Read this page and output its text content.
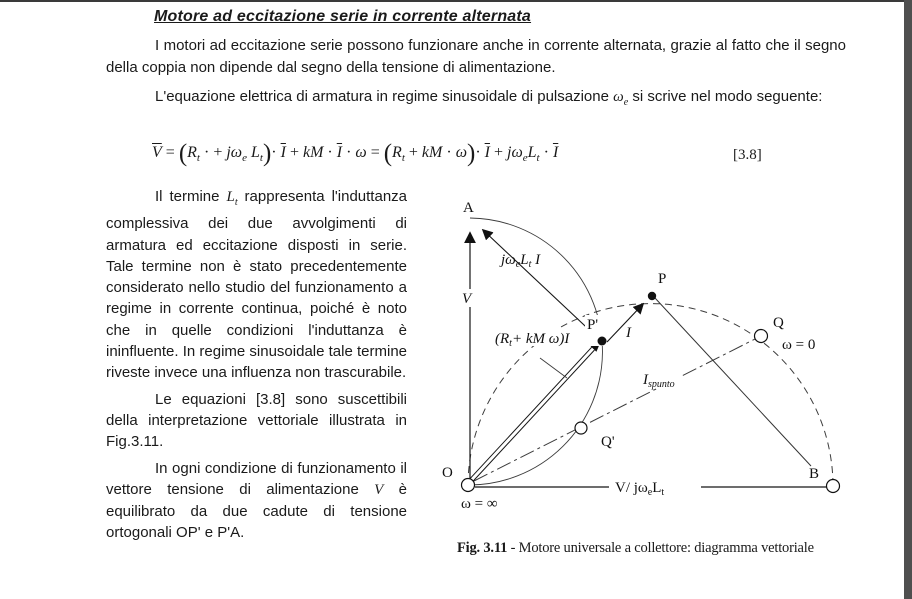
Motore ad eccitazione serie in corrente alternata
I motori ad eccitazione serie possono funzionare anche in corrente alternata, grazie al fatto che il segno della coppia non dipende dal segno della tensione di alimentazione.
L'equazione elettrica di armatura in regime sinusoidale di pulsazione $\omega_e$ si scrive nel modo seguente:
$\overline{V} = (R_t$ · + $j\omega_e$ $L_t)\cdot \overline{I}$ + kM · $\overline{I} \cdot \omega = (R_t$ + kM · $\omega)\cdot \overline{I} + j\omega_eL_t \cdot \overline{I}$	[3.8]

Il termine $L_t$ rappresenta l'induttanza complessiva dei due avvolgimenti di armatura ed eccitazione disposti in serie. Tale termine non è stato precedentemente considerato nello studio del funzionamento a regime in corrente continua, poiché è noto che in quelle condizioni l'induttanza è ininfluente. In regime sinusoidale tale termine riveste invece una influenza non trascurabile.

Le equazioni [3.8] sono suscettibili della interpretazione vettoriale illustrata in Fig.3.11.

In ogni condizione di funzionamento il vettore tensione di alimentazione V è equilibrato da due cadute di tensione ortogonali OP' e P'A.

A
O	B
P
P'	Q
Q'
V
I
ω = ∞
ω = 0
$j\omega_eL_t$ I
($R_t+$ kM ω)I
$I_{spunto}$
V/ $j\omega_eL_t$
Fig. 3.11 - Motore universale a collettore: diagramma vettoriale
